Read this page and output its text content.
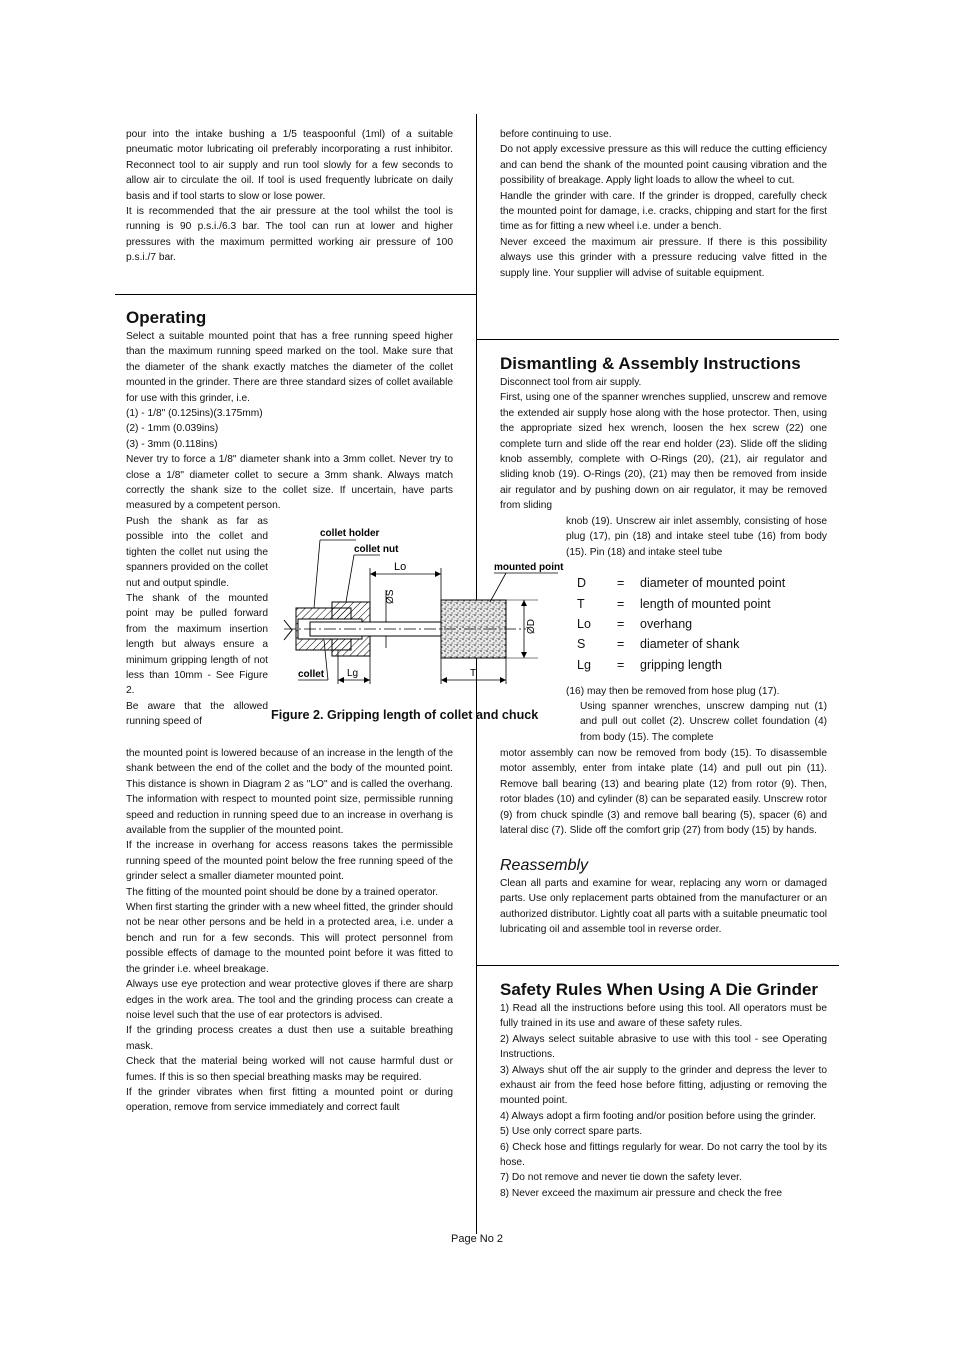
pour into the intake bushing a 1/5 teaspoonful (1ml) of a suitable pneumatic motor lubricating oil preferably incorporating a rust inhibitor. Reconnect tool to air supply and run tool slowly for a few seconds to allow air to circulate the oil. If tool is used frequently lubricate on daily basis and if tool starts to slow or lose power.
It is recommended that the air pressure at the tool whilst the tool is running is 90 p.s.i./6.3 bar. The tool can run at lower and higher pressures with the maximum permitted working air pressure of 100 p.s.i./7 bar.
Operating
Select a suitable mounted point that has a free running speed higher than the maximum running speed marked on the tool. Make sure that the diameter of the shank exactly matches the diameter of the collet mounted in the grinder. There are three standard sizes of collet available for use with this grinder, i.e.
(1) - 1/8" (0.125ins)(3.175mm)
(2) - 1mm (0.039ins)
(3) - 3mm (0.118ins)
Never try to force a 1/8" diameter shank into a 3mm collet. Never try to close a 1/8" diameter collet to secure a 3mm shank. Always match correctly the shank size to the collet size. If uncertain, have parts measured by a competent person.
Push the shank as far as possible into the collet and tighten the collet nut using the spanners provided on the collet nut and output spindle.
The shank of the mounted point may be pulled forward from the maximum insertion length but always ensure a minimum gripping length of not less than 10mm - See Figure 2.
Be aware that the allowed running speed of
the mounted point is lowered because of an increase in the length of the shank between the end of the collet and the body of the mounted point. This distance is shown in Diagram 2 as "LO" and is called the overhang. The information with respect to mounted point size, permissible running speed and reduction in running speed due to an increase in overhang is available from the supplier of the mounted point.
If the increase in overhang for access reasons takes the permissible running speed of the mounted point below the free running speed of the grinder select a smaller diameter mounted point.
The fitting of the mounted point should be done by a trained operator.
When first starting the grinder with a new wheel fitted, the grinder should not be near other persons and be held in a protected area, i.e. under a bench and run for a few seconds. This will protect personnel from possible effects of damage to the mounted point before it was fitted to the grinder i.e. wheel breakage.
Always use eye protection and wear protective gloves if there are sharp edges in the work area. The tool and the grinding process can create a noise level such that the use of ear protectors is advised.
If the grinding process creates a dust then use a suitable breathing mask.
Check that the material being worked will not cause harmful dust or fumes. If this is so then special breathing masks may be required.
If the grinder vibrates when first fitting a mounted point or during operation, remove from service immediately and correct fault
collet holder
collet nut
mounted point
Lo
ØS
ØD
collet Lg	T
Figure 2. Gripping length of collet and chuck
before continuing to use.
Do not apply excessive pressure as this will reduce the cutting efficiency and can bend the shank of the mounted point causing vibration and the possibility of breakage. Apply light loads to allow the wheel to cut.
Handle the grinder with care. If the grinder is dropped, carefully check the mounted point for damage, i.e. cracks, chipping and start for the first time as for fitting a new wheel i.e. under a bench.
Never exceed the maximum air pressure. If there is this possibility always use this grinder with a pressure reducing valve fitted in the supply line. Your supplier will advise of suitable equipment.
Dismantling & Assembly Instructions
Disconnect tool from air supply.
First, using one of the spanner wrenches supplied, unscrew and remove the extended air supply hose along with the hose protector. Then, using the appropriate sized hex wrench, loosen the hex screw (22) one complete turn and slide off the rear end holder (23). Slide off the sliding knob assembly, complete with O-Rings (20), (21), air regulator and sliding knob (19). O-Rings (20), (21) may then be removed from inside air regulator and by pushing down on air regulator, it may be removed from sliding
knob (19). Unscrew air inlet assembly, consisting of hose plug (17), pin (18) and intake steel tube (16) from body (15). Pin (18) and intake steel tube
D	=	diameter of mounted point
T	=	length of mounted point
Lo	=	overhang
S	=	diameter of shank
Lg	=	gripping length
(16) may then be removed from hose plug (17).
Using spanner wrenches, unscrew damping nut (1) and pull out collet (2). Unscrew collet foundation (4) from body (15). The complete
motor assembly can now be removed from body (15). To disassemble motor assembly, enter from intake plate (14) and pull out pin (11). Remove ball bearing (13) and bearing plate (12) from rotor (9). Then, rotor blades (10) and cylinder (8) can be separated easily. Unscrew rotor (9) from chuck spindle (3) and remove ball bearing (5), spacer (6) and lateral disc (7). Slide off the comfort grip (27) from body (15) by hands.
Reassembly
Clean all parts and examine for wear, replacing any worn or damaged parts. Use only replacement parts obtained from the manufacturer or an authorized distributor. Lightly coat all parts with a suitable pneumatic tool lubricating oil and assemble tool in reverse order.
Safety Rules When Using A Die Grinder
1) Read all the instructions before using this tool. All operators must be fully trained in its use and aware of these safety rules.
2) Always select suitable abrasive to use with this tool - see Operating Instructions.
3) Always shut off the air supply to the grinder and depress the lever to exhaust air from the feed hose before fitting, adjusting or removing the mounted point.
4) Always adopt a firm footing and/or position before using the grinder.
5) Use only correct spare parts.
6) Check hose and fittings regularly for wear. Do not carry the tool by its hose.
7) Do not remove and never tie down the safety lever.
8) Never exceed the maximum air pressure and check the free
Page No 2
